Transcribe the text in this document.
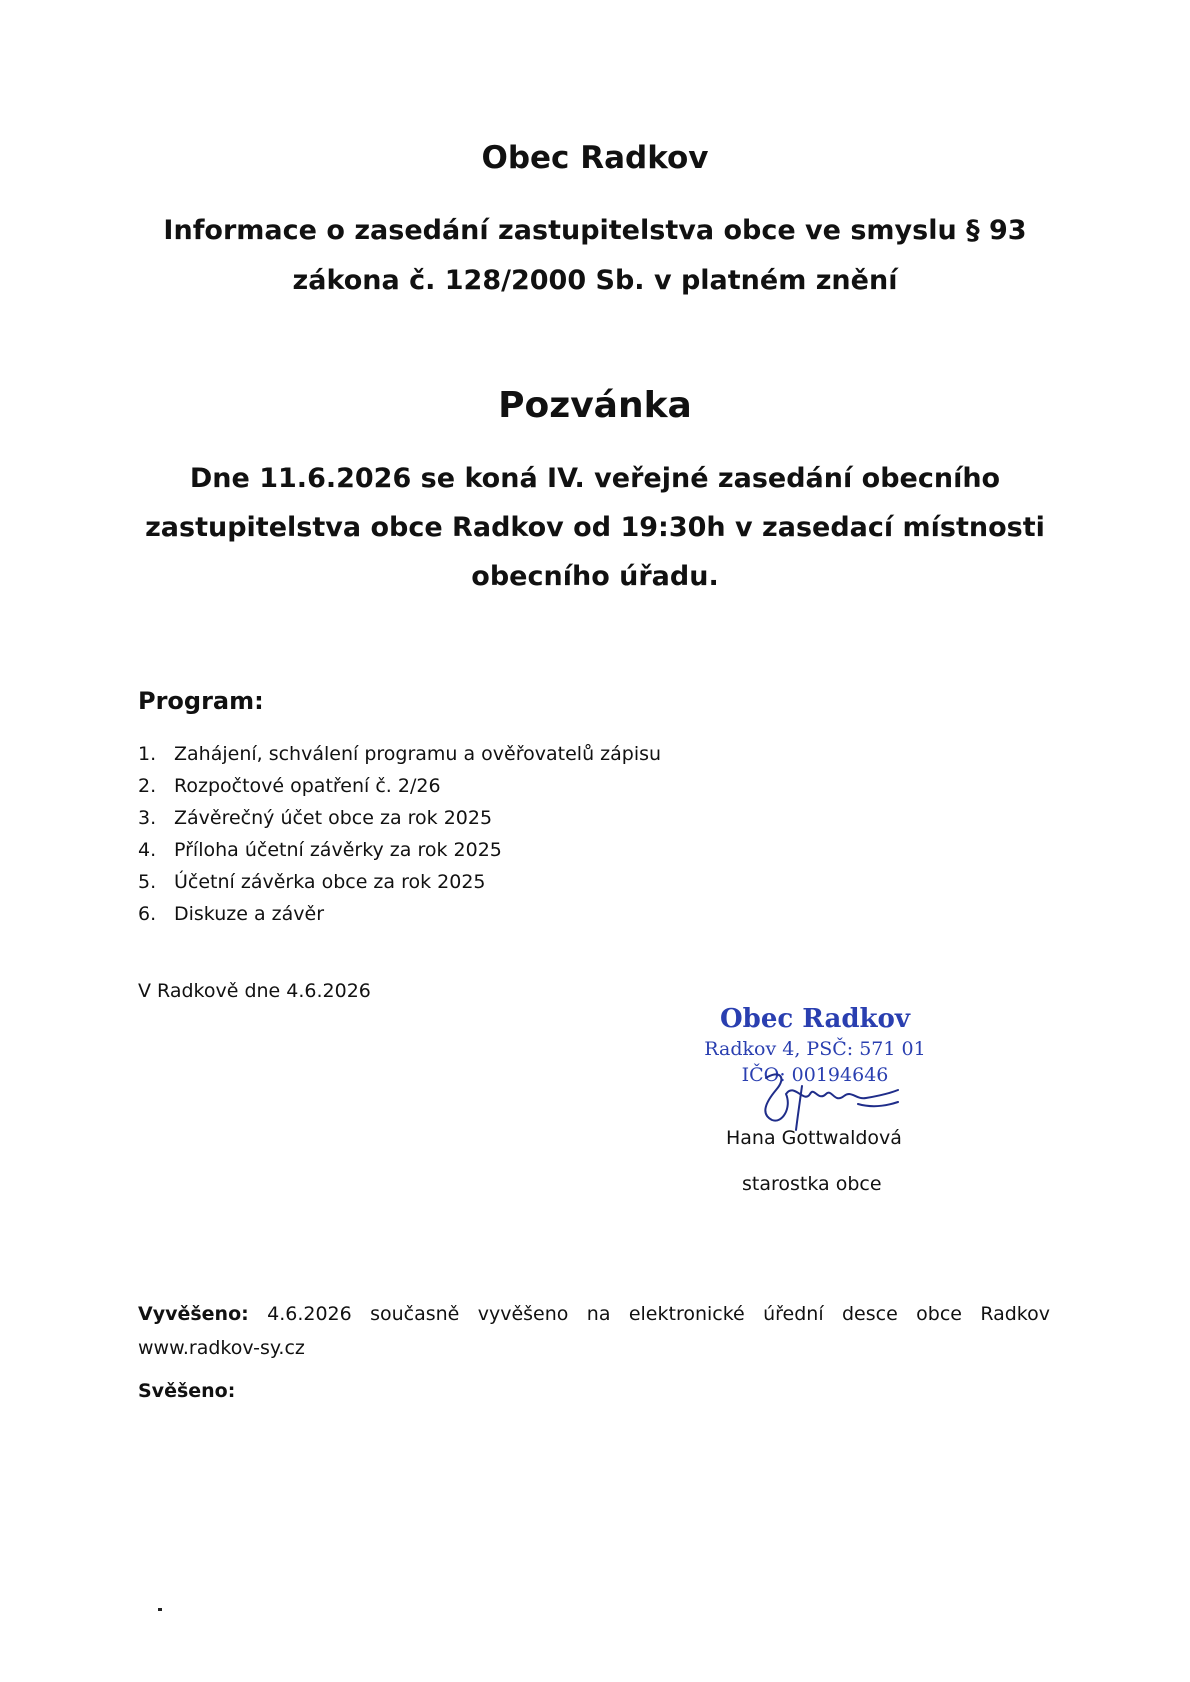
Obec Radkov
Informace o zasedání zastupitelstva obce ve smyslu § 93
zákona č. 128/2000 Sb. v platném znění
Pozvánka
Dne 11.6.2026 se koná IV. veřejné zasedání obecního
zastupitelstva obce Radkov od 19:30h v zasedací místnosti
obecního úřadu.
Program:
1. Zahájení, schválení programu a ověřovatelů zápisu
2. Rozpočtové opatření č. 2/26
3. Závěrečný účet obce za rok 2025
4. Příloha účetní závěrky za rok 2025
5. Účetní závěrka obce za rok 2025
6. Diskuze a závěr
V Radkově dne 4.6.2026
Obec Radkov
Radkov 4, PSČ: 571 01
IČO: 00194646
Hana Gottwaldová
starostka obce
Vyvěšeno: 4.6.2026 současně vyvěšeno na elektronické úřední desce obce Radkov www.radkov-sy.cz
Svěšeno:
